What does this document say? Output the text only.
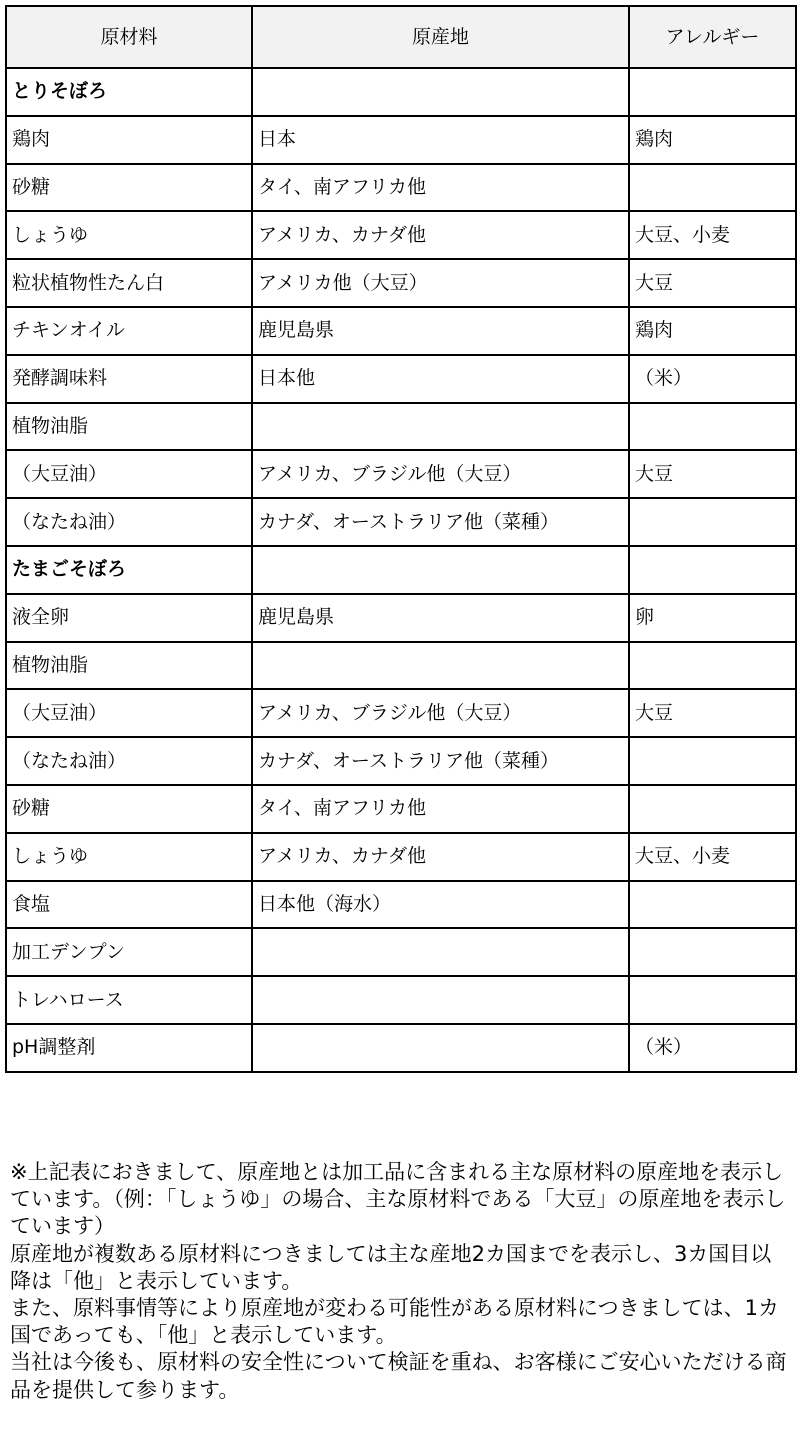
原材料	原産地	アレルギー
とりそぼろ		
鶏肉	日本	鶏肉
砂糖	タイ、南アフリカ他	
しょうゆ	アメリカ、カナダ他	大豆、小麦
粒状植物性たん白	アメリカ他（大豆）	大豆
チキンオイル	鹿児島県	鶏肉
発酵調味料	日本他	（米）
植物油脂		
（大豆油）	アメリカ、ブラジル他（大豆）	大豆
（なたね油）	カナダ、オーストラリア他（菜種）	
たまごそぼろ		
液全卵	鹿児島県	卵
植物油脂		
（大豆油）	アメリカ、ブラジル他（大豆）	大豆
（なたね油）	カナダ、オーストラリア他（菜種）	
砂糖	タイ、南アフリカ他	
しょうゆ	アメリカ、カナダ他	大豆、小麦
食塩	日本他（海水）	
加工デンプン		
トレハロース		
pH調整剤		（米）

※上記表におきまして、原産地とは加工品に含まれる主な原材料の原産地を表示しています。（例：「しょうゆ」の場合、主な原材料である「大豆」の原産地を表示しています）

原産地が複数ある原材料につきましては主な産地2カ国までを表示し、3カ国目以降は「他」と表示しています。

また、原料事情等により原産地が変わる可能性がある原材料につきましては、1カ国であっても、「他」と表示しています。

当社は今後も、原材料の安全性について検証を重ね、お客様にご安心いただける商品を提供して参ります。
